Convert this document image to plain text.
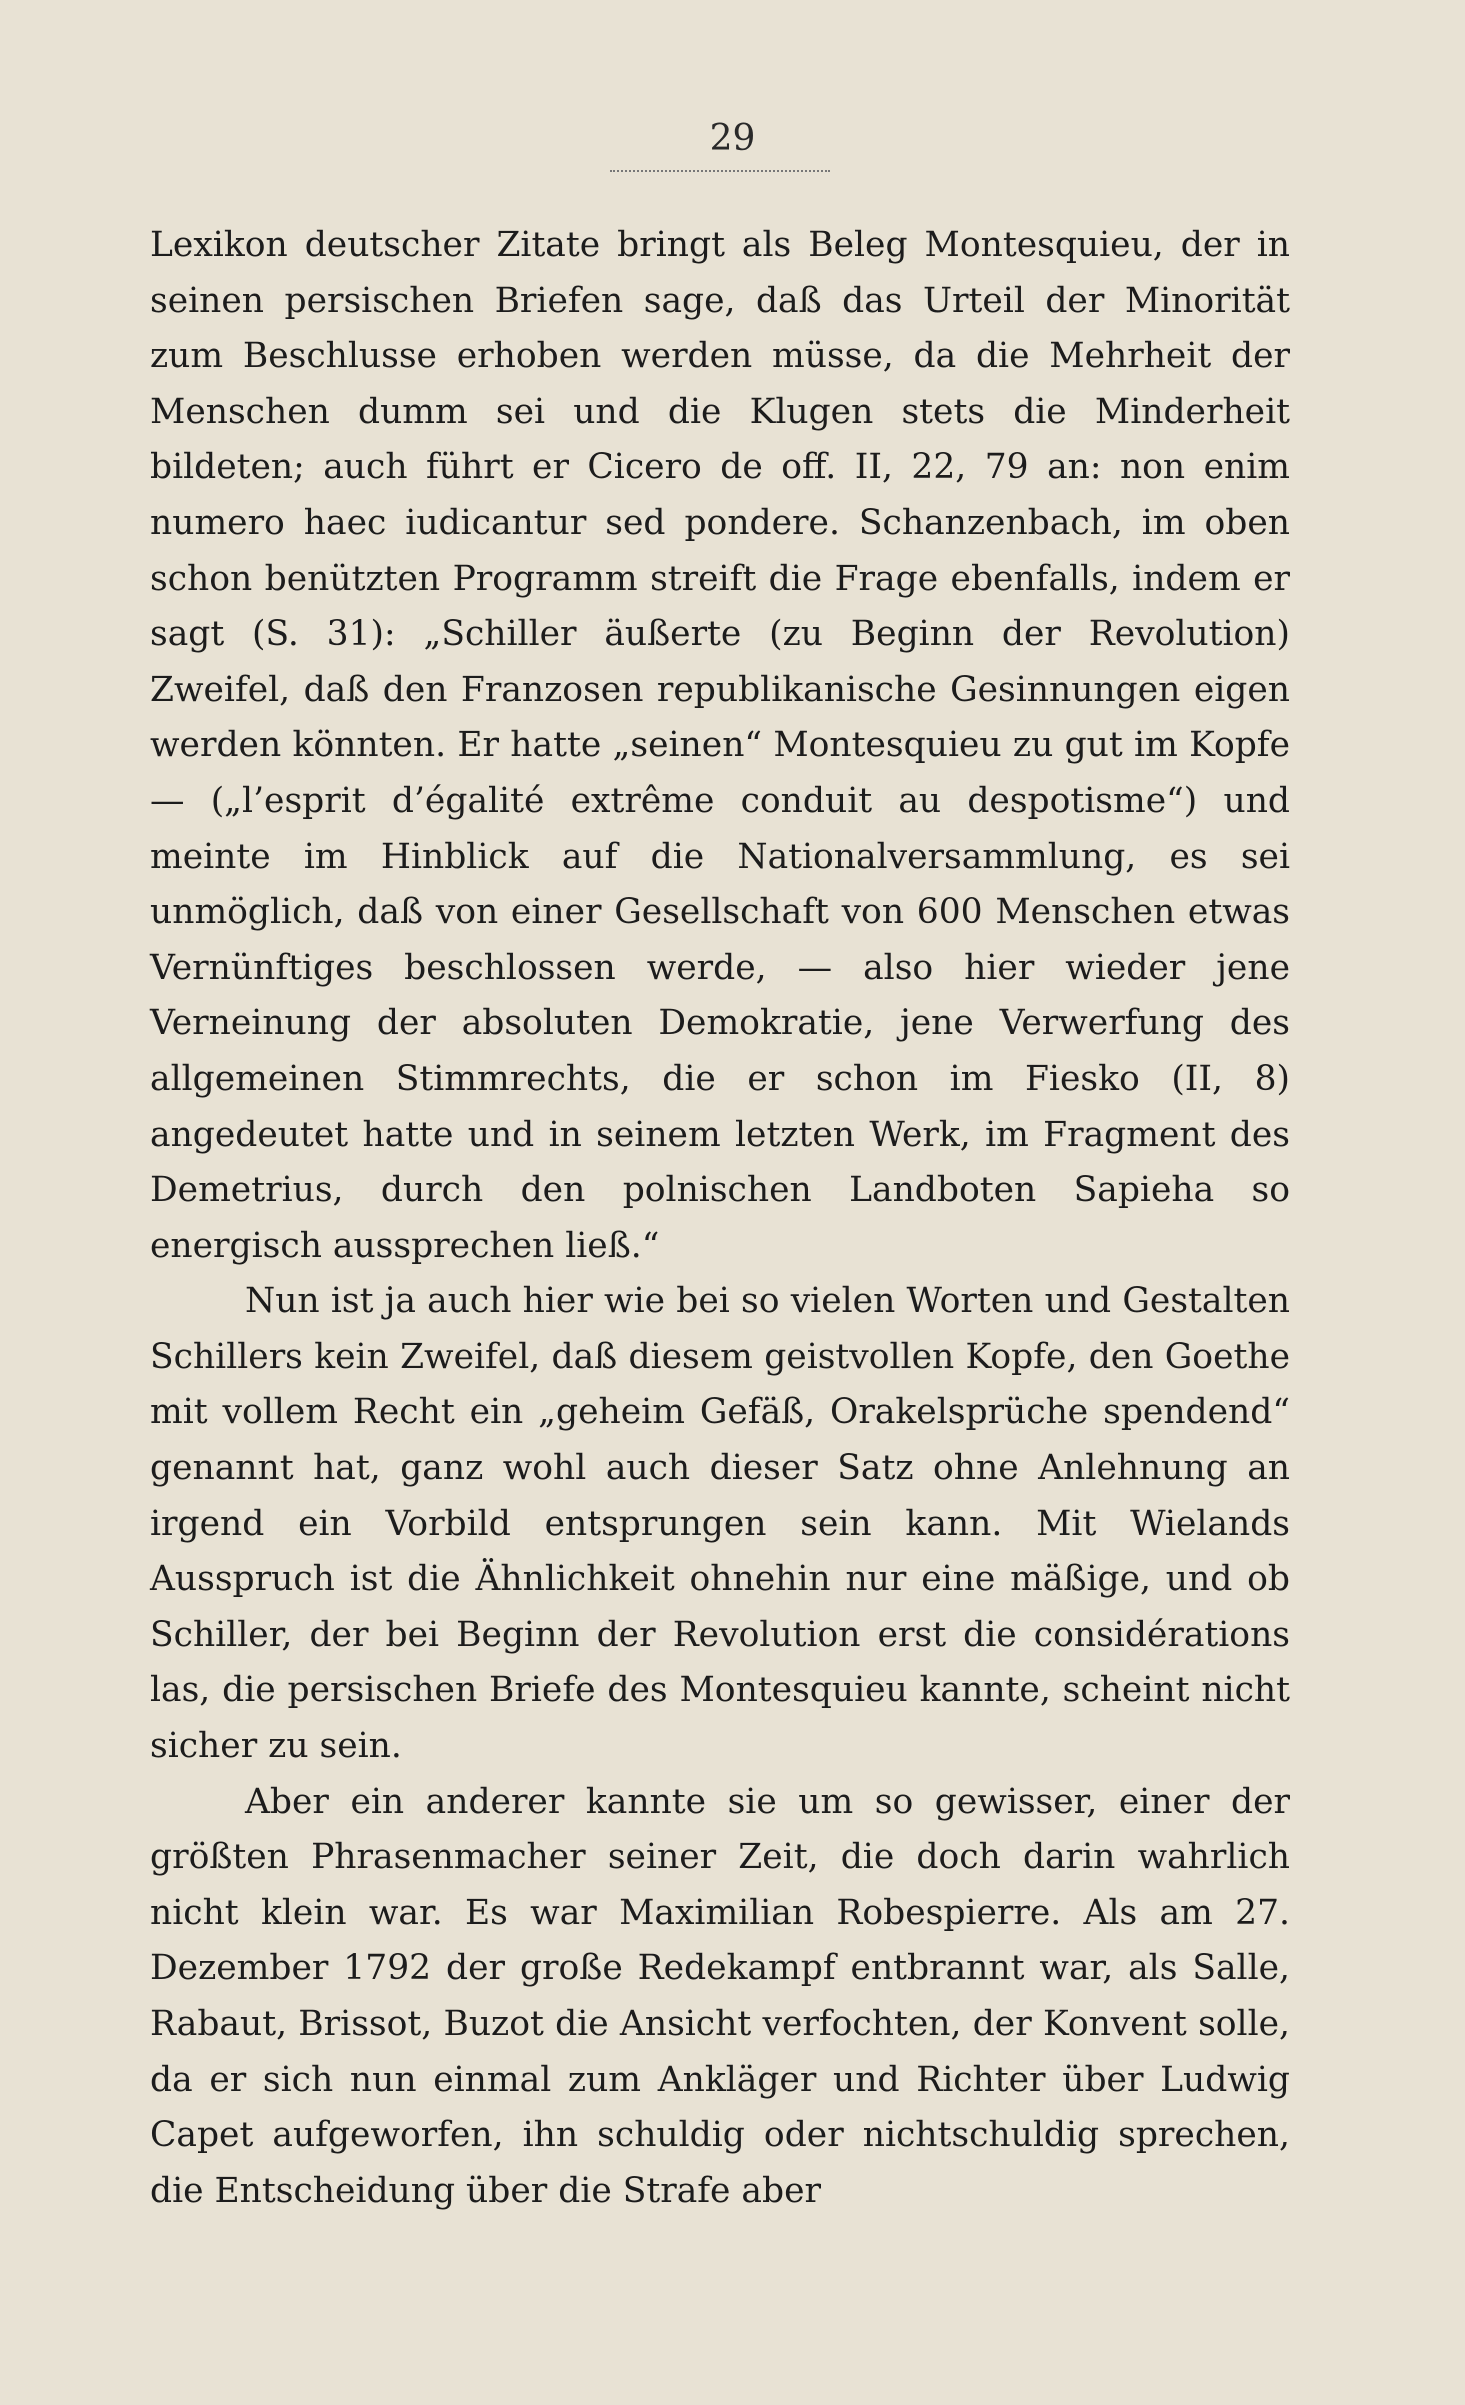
29

Lexikon deutscher Zitate bringt als Beleg Montesquieu, der in seinen persischen Briefen sage, daß das Urteil der Minorität zum Beschlusse erhoben werden müsse, da die Mehrheit der Menschen dumm sei und die Klugen stets die Minderheit bildeten; auch führt er Cicero de off. II, 22, 79 an: non enim numero haec iudicantur sed pondere. Schanzenbach, im oben schon benützten Programm streift die Frage ebenfalls, indem er sagt (S. 31): „Schiller äußerte (zu Beginn der Revolution) Zweifel, daß den Franzosen republikanische Gesinnungen eigen werden könnten. Er hatte „seinen“ Montesquieu zu gut im Kopfe — („l’esprit d’égalité extrême conduit au despotisme“) und meinte im Hinblick auf die Nationalversammlung, es sei unmöglich, daß von einer Gesellschaft von 600 Menschen etwas Vernünftiges beschlossen werde, — also hier wieder jene Verneinung der absoluten Demokratie, jene Verwerfung des allgemeinen Stimmrechts, die er schon im Fiesko (II, 8) angedeutet hatte und in seinem letzten Werk, im Fragment des Demetrius, durch den polnischen Landboten Sapieha so energisch aussprechen ließ.“

Nun ist ja auch hier wie bei so vielen Worten und Gestalten Schillers kein Zweifel, daß diesem geistvollen Kopfe, den Goethe mit vollem Recht ein „geheim Gefäß, Orakelsprüche spendend“ genannt hat, ganz wohl auch dieser Satz ohne Anlehnung an irgend ein Vorbild entsprungen sein kann. Mit Wielands Ausspruch ist die Ähnlichkeit ohnehin nur eine mäßige, und ob Schiller, der bei Beginn der Revolution erst die considérations las, die persischen Briefe des Montesquieu kannte, scheint nicht sicher zu sein.

Aber ein anderer kannte sie um so gewisser, einer der größten Phrasenmacher seiner Zeit, die doch darin wahrlich nicht klein war. Es war Maximilian Robespierre. Als am 27. Dezember 1792 der große Redekampf entbrannt war, als Salle, Rabaut, Brissot, Buzot die Ansicht verfochten, der Konvent solle, da er sich nun einmal zum Ankläger und Richter über Ludwig Capet aufgeworfen, ihn schuldig oder nichtschuldig sprechen, die Entscheidung über die Strafe aber
